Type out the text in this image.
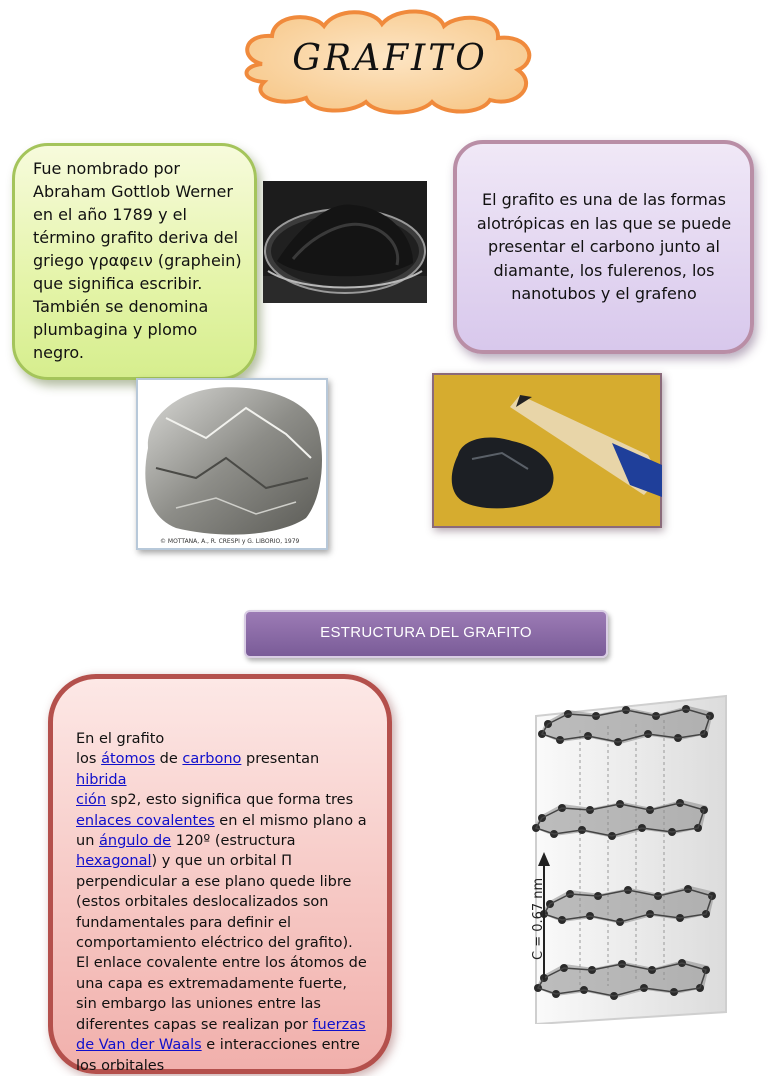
GRAFITO
Fue nombrado por Abraham Gottlob Werner en el año 1789 y el término grafito deriva del griego γραφειν (graphein) que significa escribir. También se denomina plumbagina y plomo negro.
El grafito es una de las formas alotrópicas en las que se puede presentar el carbono junto al diamante, los fulerenos, los nanotubos y el grafeno
© MOTTANA, A., R. CRESPI y G. LIBORIO, 1979
ESTRUCTURA DEL GRAFITO
En el grafito
los átomos de carbono presentan hibrida
ción sp2, esto significa que forma tres enlaces covalentes en el mismo plano a un ángulo de 120º (estructura hexagonal) y que un orbital Π perpendicular a ese plano quede libre (estos orbitales deslocalizados son fundamentales para definir el comportamiento eléctrico del grafito). El enlace covalente entre los átomos de una capa es extremadamente fuerte, sin embargo las uniones entre las diferentes capas se realizan por fuerzas de Van der Waals e interacciones entre los orbitales
C = 0.67 nm
